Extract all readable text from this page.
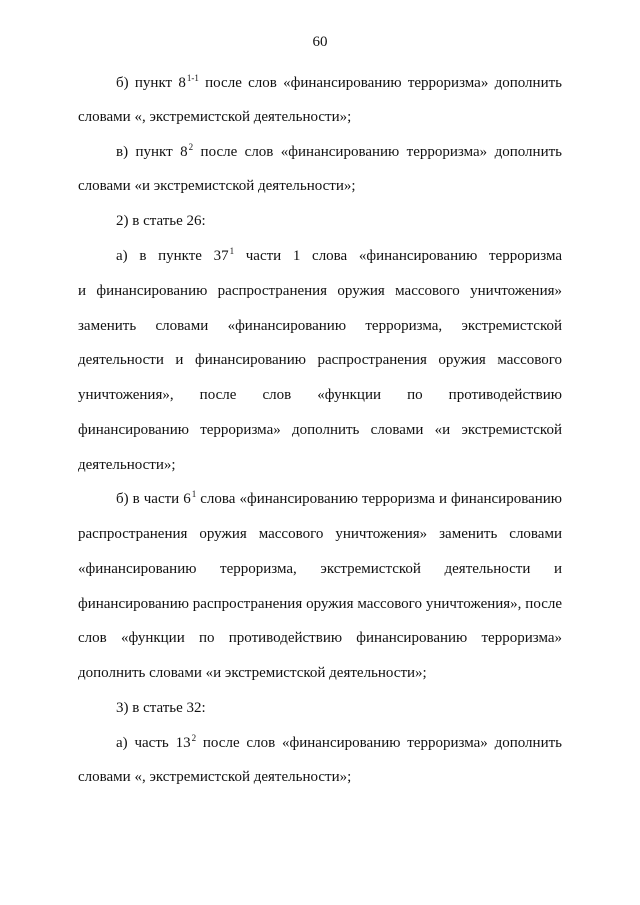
60
б) пункт 8$^{1-1}$ после слов «финансированию терроризма» дополнить
словами «, экстремистской деятельности»;
в) пункт $8^2$ после слов «финансированию терроризма» дополнить
словами «и экстремистской деятельности»;
2) в статье 26:
а) в пункте $37^1$ части 1 слова «финансированию терроризма
и финансированию распространения оружия массового уничтожения»
заменить словами «финансированию терроризма, экстремистской
деятельности и финансированию распространения оружия массового
уничтожения», после слов «функции по противодействию
финансированию терроризма» дополнить словами «и экстремистской
деятельности»;
б) в части $6^1$ слова «финансированию терроризма и финансированию
распространения оружия массового уничтожения» заменить словами
«финансированию терроризма, экстремистской деятельности и
финансированию распространения оружия массового уничтожения», после
слов «функции по противодействию финансированию терроризма»
дополнить словами «и экстремистской деятельности»;
3) в статье 32:
а) часть $13^2$ после слов «финансированию терроризма» дополнить
словами «, экстремистской деятельности»;
